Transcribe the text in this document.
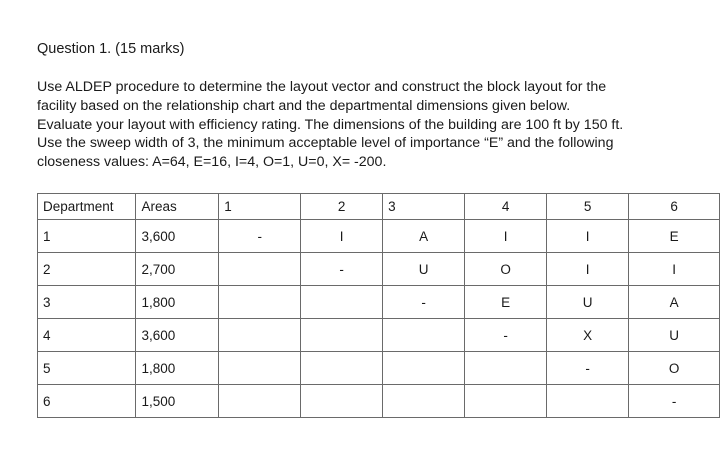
Question 1. (15 marks)
Use ALDEP procedure to determine the layout vector and construct the block layout for the
facility based on the relationship chart and the departmental dimensions given below.
Evaluate your layout with efficiency rating. The dimensions of the building are 100 ft by 150 ft.
Use the sweep width of 3, the minimum acceptable level of importance “E” and the following
closeness values: A=64, E=16, I=4, O=1, U=0, X= -200.
Department	Areas	1	2	3	4	5	6
1	3,600	-	I	A	I	I	E
2	2,700		-	U	O	I	I
3	1,800			-	E	U	A
4	3,600				-	X	U
5	1,800					-	O
6	1,500						-
